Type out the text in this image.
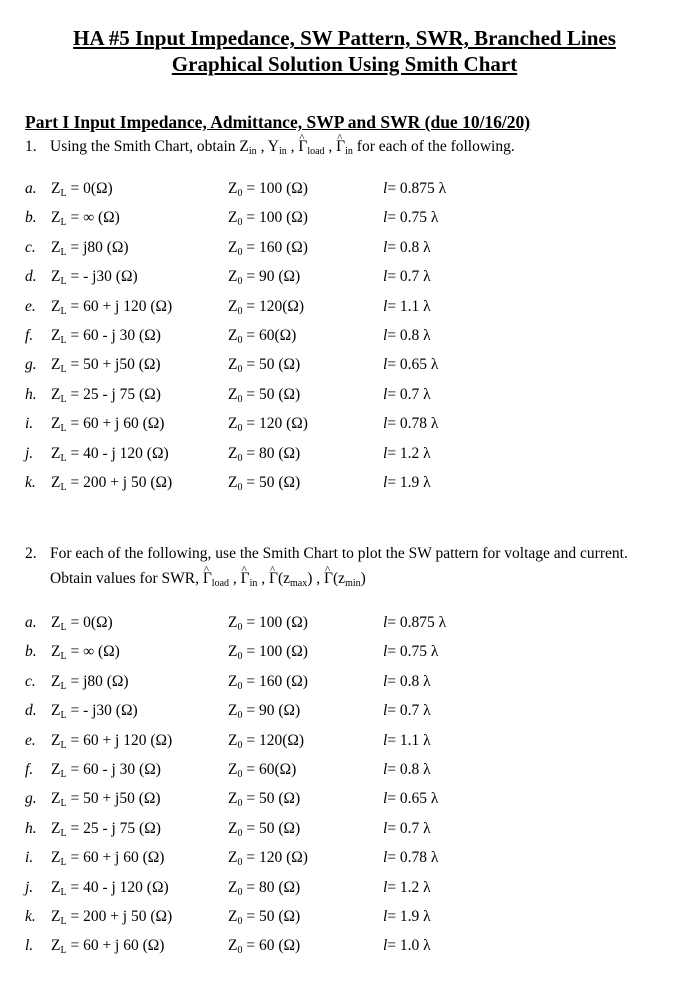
HA #5 Input Impedance, SW Pattern, SWR, Branched Lines
Graphical Solution Using Smith Chart
Part I Input Impedance, Admittance, SWP and SWR (due 10/16/20)
1. Using the Smith Chart, obtain $Z_{in}$ , $Y_{in}$ , ^ $\Gamma_{load}$ , ^ $\Gamma_{in}$ for each of the following.
a. $Z_L = 0(\Omega)$	$Z_0 = 100$ (Ω)	l= 0.875 λ
b. $Z_L$ = ∞ (Ω)	$Z_0 = 100$ (Ω)	l= 0.75 λ
c. $Z_L = j80$ (Ω)	$Z_0 = 160$ (Ω)	l= 0.8 λ
d. $Z_L$ = - j30 (Ω)	$Z_0 = 90$ (Ω)	l= 0.7 λ
e. $Z_L = 60 + j$ 120 (Ω)	$Z_0 = 120(\Omega)$	l= 1.1 λ
f. $Z_L = 60 - j$ 30 (Ω)	$Z_0 = 60(\Omega)$	l= 0.8 λ
g. $Z_L = 50 + j50$ (Ω)	$Z_0 = 50$ (Ω)	l= 0.65 λ
h. $Z_L = 25 - j$ 75 (Ω)	$Z_0 = 50$ (Ω)	l= 0.7 λ
i. $Z_L = 60 + j$ 60 (Ω)	$Z_0 = 120$ (Ω)	l= 0.78 λ
j. $Z_L = 40 - j$ 120 (Ω)	$Z_0 = 80$ (Ω)	l= 1.2 λ
k. $Z_L = 200 + j$ 50 (Ω)	$Z_0 = 50$ (Ω)	l= 1.9 λ
2. For each of the following, use the Smith Chart to plot the SW pattern for voltage and current.
Obtain values for SWR, ^ $\Gamma_{load}$ , ^ $\Gamma_{in}$ , ^ $\Gamma(z_{max})$ , ^ $\Gamma(z_{min})$
a. $Z_L = 0(\Omega)$	$Z_0 = 100$ (Ω)	l= 0.875 λ
b. $Z_L$ = ∞ (Ω)	$Z_0 = 100$ (Ω)	l= 0.75 λ
c. $Z_L = j80$ (Ω)	$Z_0 = 160$ (Ω)	l= 0.8 λ
d. $Z_L$ = - j30 (Ω)	$Z_0 = 90$ (Ω)	l= 0.7 λ
e. $Z_L = 60 + j$ 120 (Ω)	$Z_0 = 120(\Omega)$	l= 1.1 λ
f. $Z_L = 60 - j$ 30 (Ω)	$Z_0 = 60(\Omega)$	l= 0.8 λ
g. $Z_L = 50 + j50$ (Ω)	$Z_0 = 50$ (Ω)	l= 0.65 λ
h. $Z_L = 25 - j$ 75 (Ω)	$Z_0 = 50$ (Ω)	l= 0.7 λ
i. $Z_L = 60 + j$ 60 (Ω)	$Z_0 = 120$ (Ω)	l= 0.78 λ
j. $Z_L = 40 - j$ 120 (Ω)	$Z_0 = 80$ (Ω)	l= 1.2 λ
k. $Z_L = 200 + j$ 50 (Ω)	$Z_0 = 50$ (Ω)	l= 1.9 λ
l. $Z_L = 60 + j$ 60 (Ω)	$Z_0 = 60$ (Ω)	l= 1.0 λ
